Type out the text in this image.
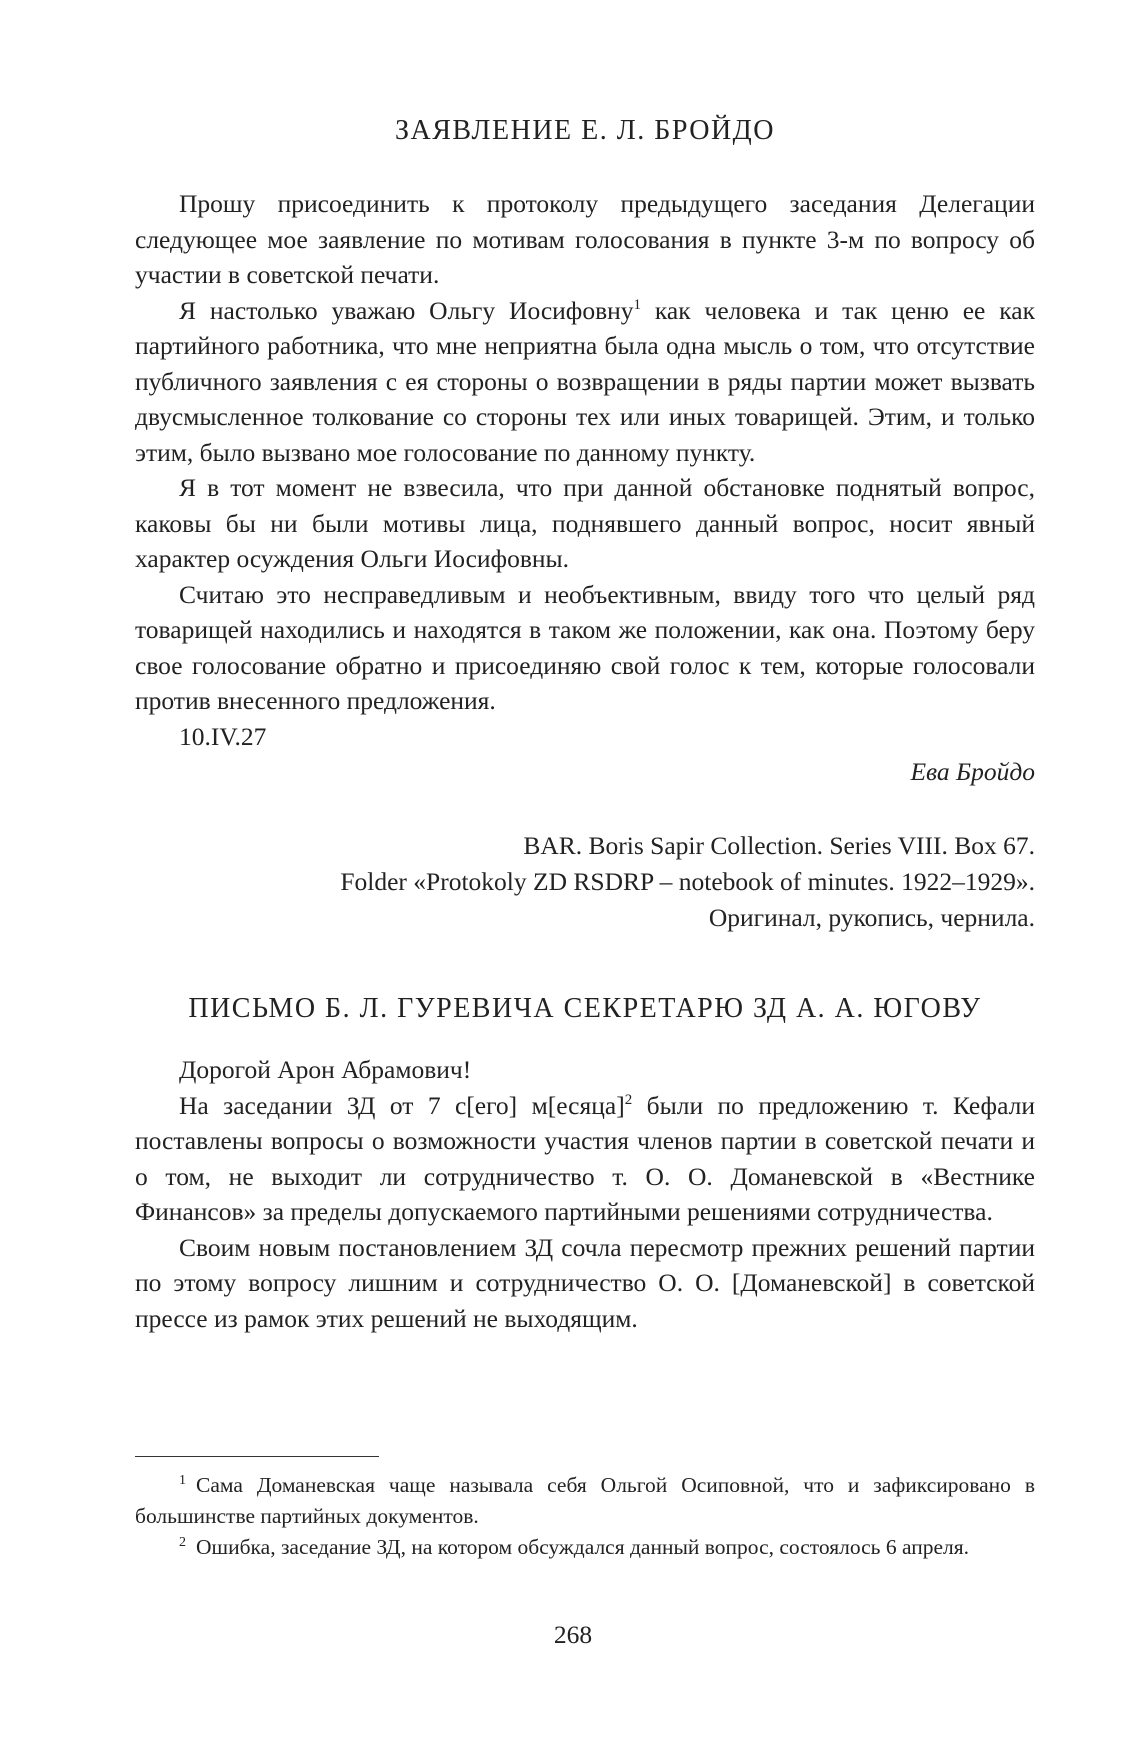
ЗАЯВЛЕНИЕ Е. Л. БРОЙДО

Прошу присоединить к протоколу предыдущего заседания Делегации следующее мое заявление по мотивам голосования в пункте 3-м по вопросу об участии в советской печати.

Я настолько уважаю Ольгу Иосифовну$^1$ как человека и так ценю ее как партийного работника, что мне неприятна была одна мысль о том, что отсутствие публичного заявления с ея стороны о возвращении в ряды партии может вызвать двусмысленное толкование со стороны тех или иных товарищей. Этим, и только этим, было вызвано мое голосование по данному пункту.

Я в тот момент не взвесила, что при данной обстановке поднятый вопрос, каковы бы ни были мотивы лица, поднявшего данный вопрос, носит явный характер осуждения Ольги Иосифовны.

Считаю это несправедливым и необъективным, ввиду того что целый ряд товарищей находились и находятся в таком же положении, как она. Поэтому беру свое голосование обратно и присоединяю свой голос к тем, которые голосовали против внесенного предложения.

10.IV.27

Ева Бройдо

BAR. Boris Sapir Collection. Series VIII. Box 67.

Folder «Protokoly ZD RSDRP – notebook of minutes. 1922–1929».

Оригинал, рукопись, чернила.

ПИСЬМО Б. Л. ГУРЕВИЧА СЕКРЕТАРЮ ЗД А. А. ЮГОВУ

Дорогой Арон Абрамович!

На заседании ЗД от 7 с[его] м[есяца]$^2$ были по предложению т. Кефали поставлены вопросы о возможности участия членов партии в советской печати и о том, не выходит ли сотрудничество т. О. О. Доманевской в «Вестнике Финансов» за пределы допускаемого партийными решениями сотрудничества.

Своим новым постановлением ЗД сочла пересмотр прежних решений партии по этому вопросу лишним и сотрудничество О. О. [Доманевской] в советской прессе из рамок этих решений не выходящим.

$^1$ Сама Доманевская чаще называла себя Ольгой Осиповной, что и зафиксировано в большинстве партийных документов.

$^2$ Ошибка, заседание ЗД, на котором обсуждался данный вопрос, состоялось 6 апреля.

268
